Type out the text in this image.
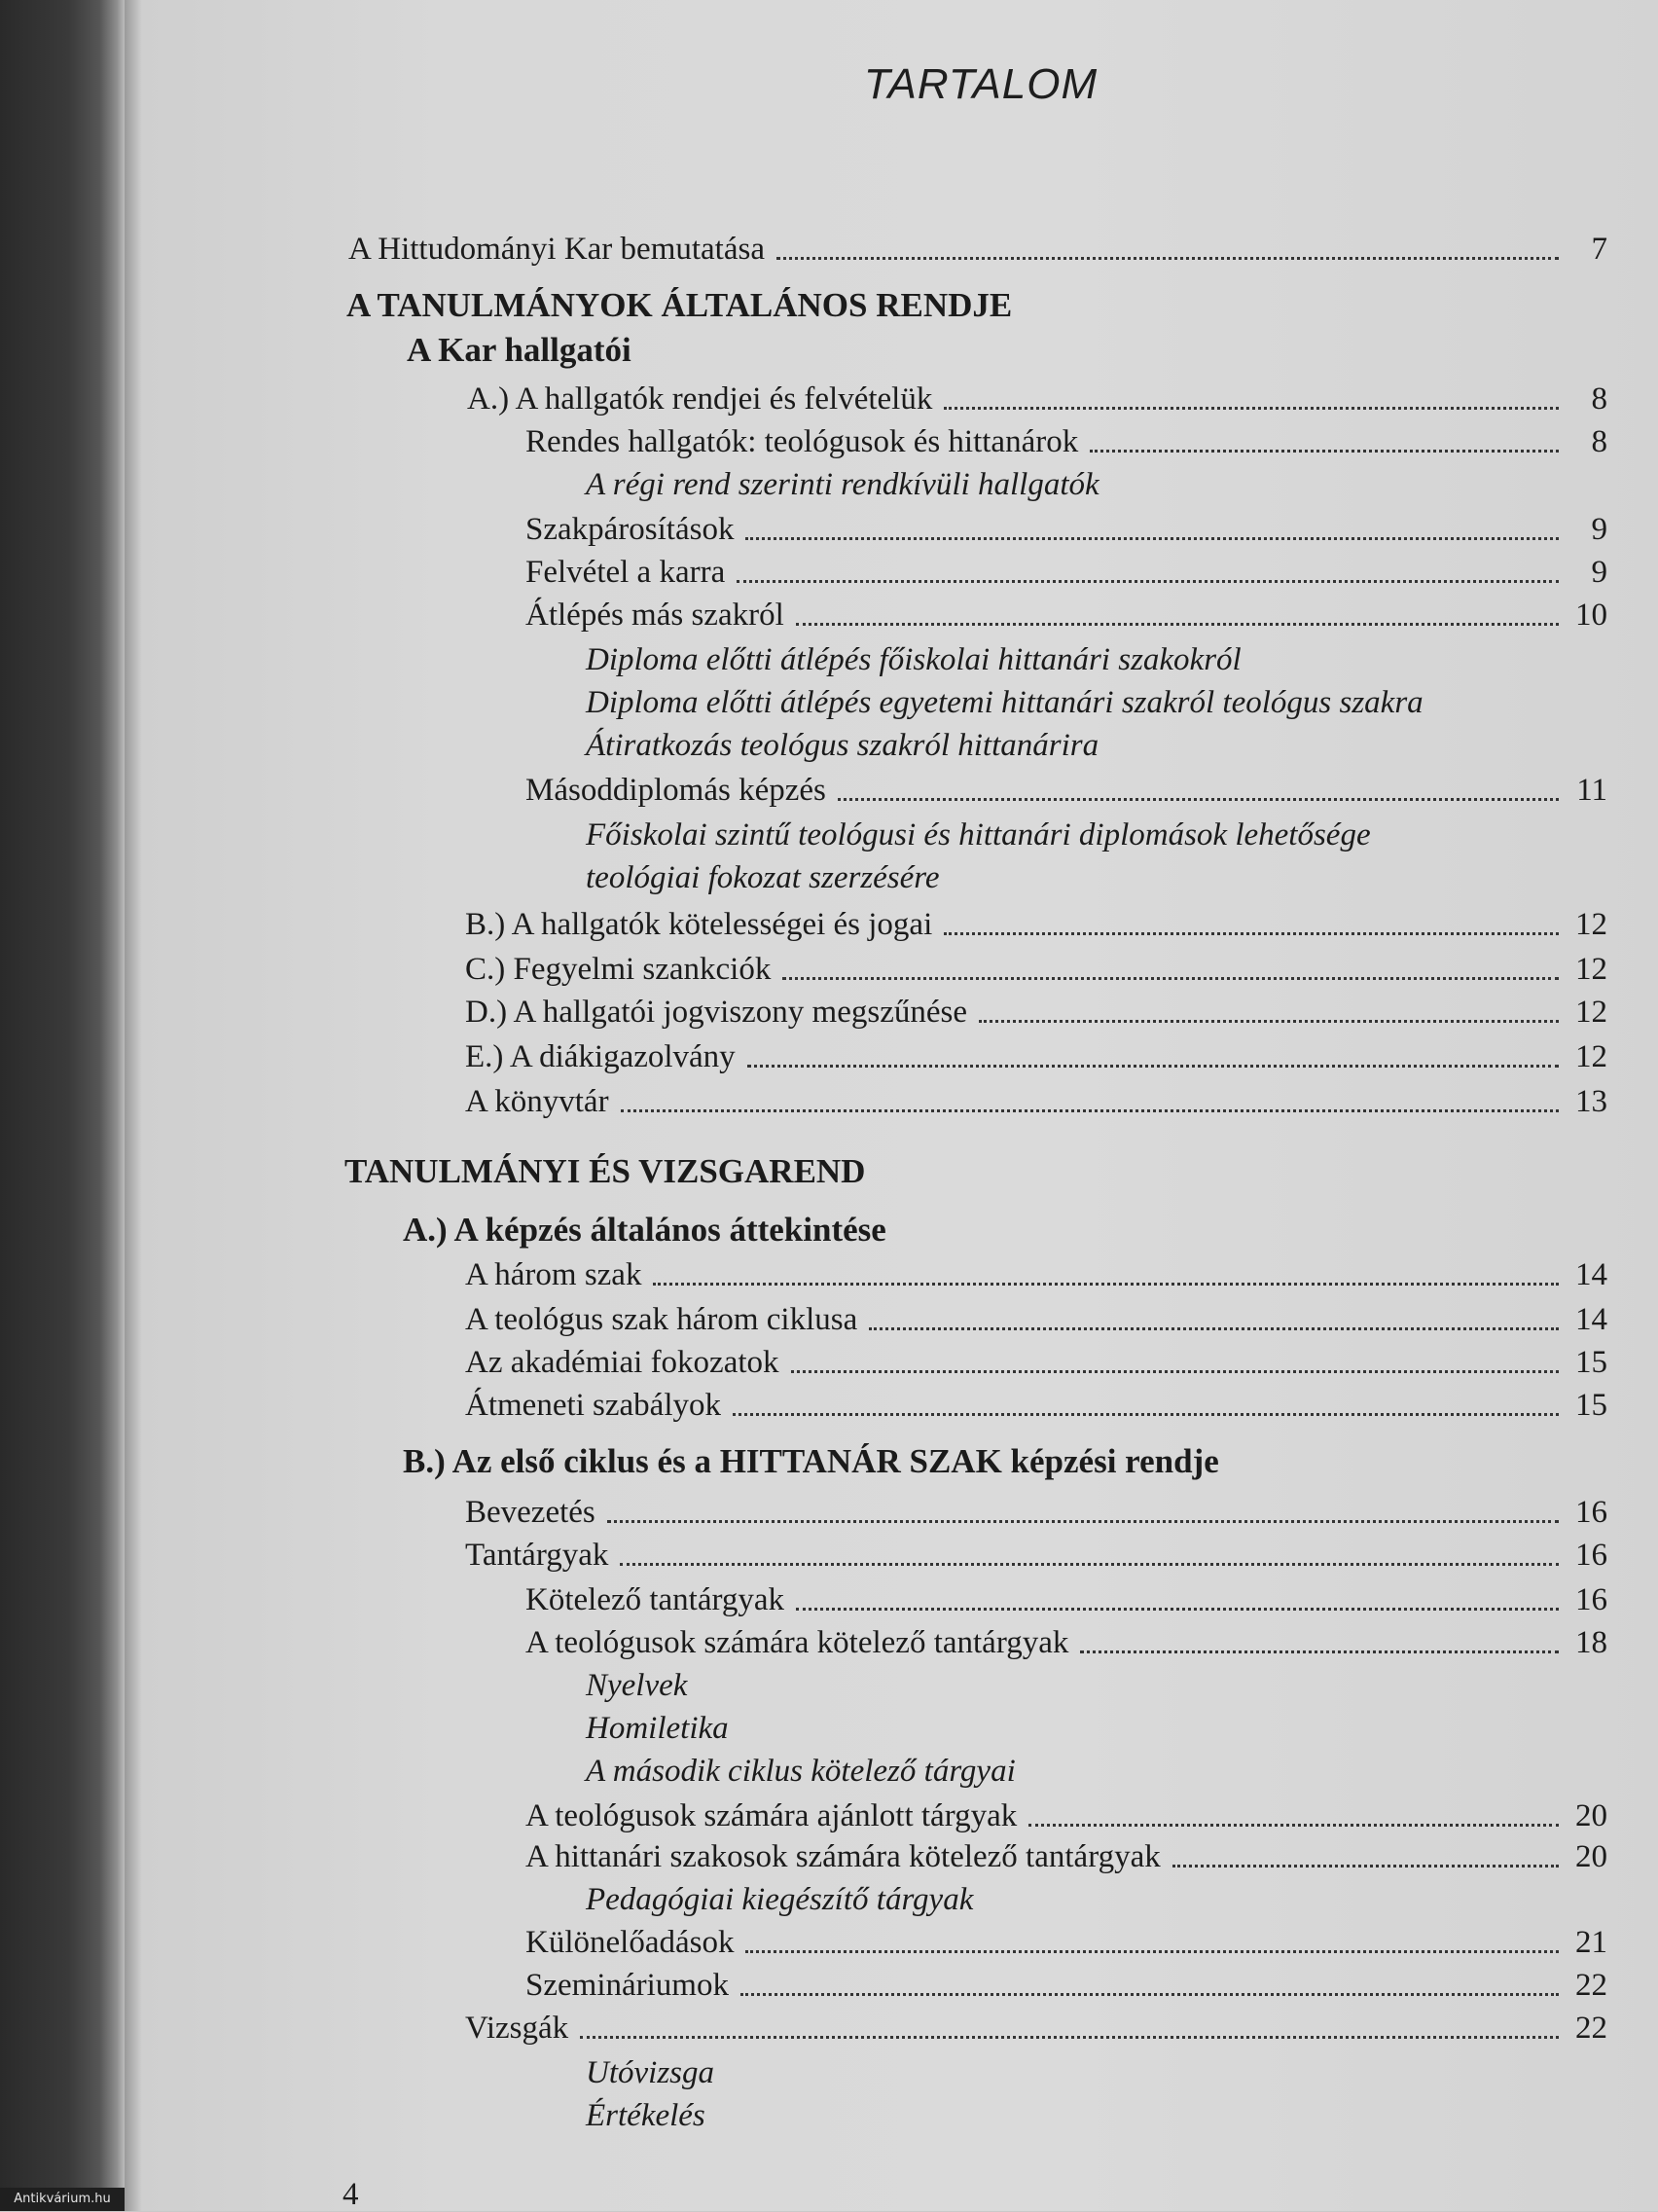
TARTALOM
A Hittudományi Kar bemutatása	7
A TANULMÁNYOK ÁLTALÁNOS RENDJE
A Kar hallgatói
A.) A hallgatók rendjei és felvételük	8
Rendes hallgatók: teológusok és hittanárok	8
A régi rend szerinti rendkívüli hallgatók
Szakpárosítások	9
Felvétel a karra	9
Átlépés más szakról	10
Diploma előtti átlépés főiskolai hittanári szakokról
Diploma előtti átlépés egyetemi hittanári szakról teológus szakra
Átiratkozás teológus szakról hittanárira
Másoddiplomás képzés	11
Főiskolai szintű teológusi és hittanári diplomások lehetősége
teológiai fokozat szerzésére
B.) A hallgatók kötelességei és jogai	12
C.) Fegyelmi szankciók	12
D.) A hallgatói jogviszony megszűnése	12
E.) A diákigazolvány	12
A könyvtár	13
TANULMÁNYI ÉS VIZSGAREND
A.) A képzés általános áttekintése
A három szak	14
A teológus szak három ciklusa	14
Az akadémiai fokozatok	15
Átmeneti szabályok	15
B.) Az első ciklus és a HITTANÁR SZAK képzési rendje
Bevezetés	16
Tantárgyak	16
Kötelező tantárgyak	16
A teológusok számára kötelező tantárgyak	18
Nyelvek
Homiletika
A második ciklus kötelező tárgyai
A teológusok számára ajánlott tárgyak	20
A hittanári szakosok számára kötelező tantárgyak	20
Pedagógiai kiegészítő tárgyak
Különelőadások	21
Szemináriumok	22
Vizsgák	22
Utóvizsga
Értékelés
4
Antikvárium.hu
